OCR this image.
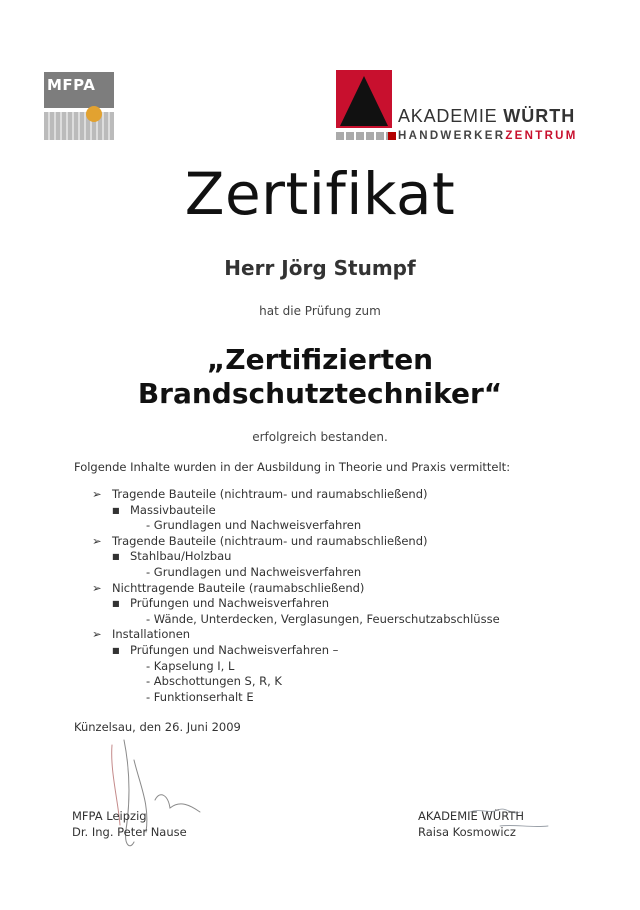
MFPA
AKADEMIE WÜRTH
HANDWERKERZENTRUM
Zertifikat
Herr Jörg Stumpf
hat die Prüfung zum
„Zertifizierten
Brandschutztechniker“
erfolgreich bestanden.
Folgende Inhalte wurden in der Ausbildung in Theorie und Praxis vermittelt:
➢ Tragende Bauteile (nichtraum- und raumabschließend)
■ Massivbauteile
- Grundlagen und Nachweisverfahren
➢ Tragende Bauteile (nichtraum- und raumabschließend)
■ Stahlbau/Holzbau
- Grundlagen und Nachweisverfahren
➢ Nichttragende Bauteile (raumabschließend)
■ Prüfungen und Nachweisverfahren
- Wände, Unterdecken, Verglasungen, Feuerschutzabschlüsse
➢ Installationen
■ Prüfungen und Nachweisverfahren –
- Kapselung I, L
- Abschottungen S, R, K
- Funktionserhalt E
Künzelsau, den 26. Juni 2009
MFPA Leipzig
Dr. Ing. Peter Nause
AKADEMIE WÜRTH
Raisa Kosmowicz
